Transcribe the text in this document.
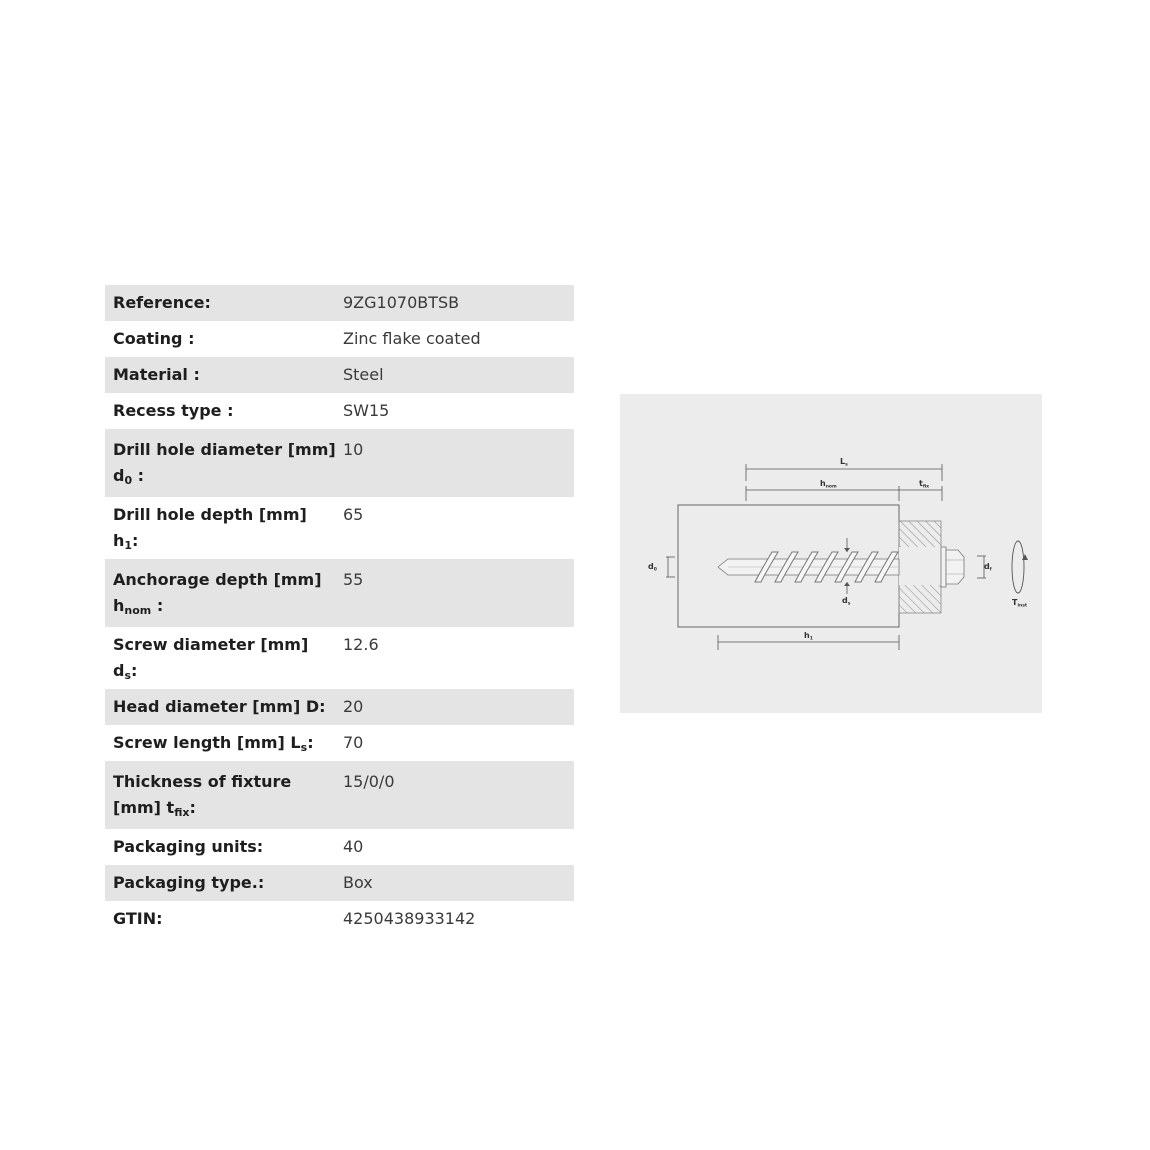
Reference:	9ZG1070BTSB
Coating :	Zinc flake coated
Material :	Steel
Recess type :	SW15
Drill hole diameter [mm] $d_0$ :	10
Drill hole depth [mm] $h_1$:	65
Anchorage depth [mm] $h_{nom}$ :	55
Screw diameter [mm] $d_s$:	12.6
Head diameter [mm] D:	20
Screw length [mm] $L_s$:	70
Thickness of fixture [mm] $t_{fix}$:	15/0/0
Packaging units:	40
Packaging type.:	Box
GTIN:	4250438933142
Ls
hnom	tfix
d0	df
ds
h1
Tinst
